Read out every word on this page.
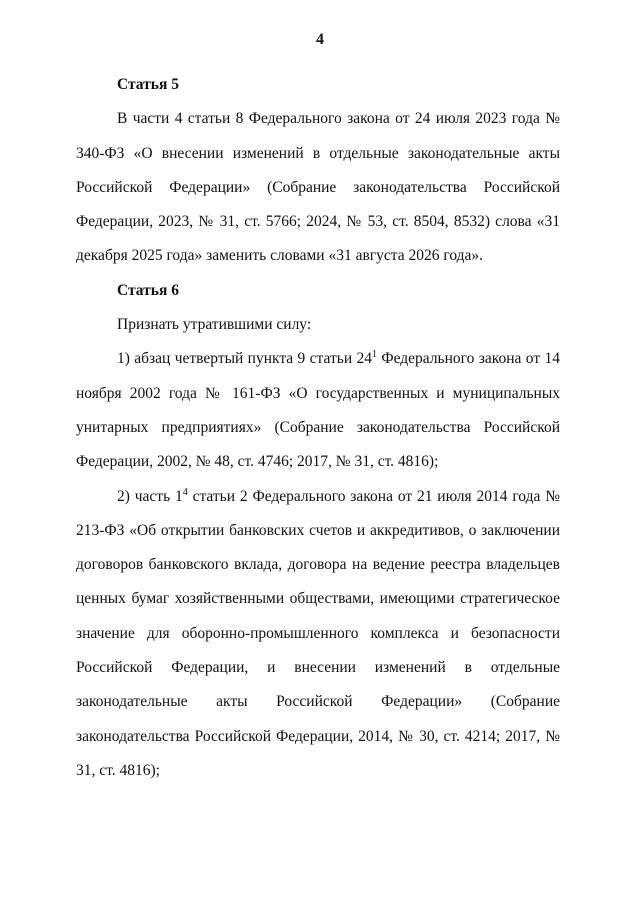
4

Статья 5

В части 4 статьи 8 Федерального закона от 24 июля 2023 года № 340-ФЗ «О внесении изменений в отдельные законодательные акты Российской Федерации» (Собрание законодательства Российской Федерации, 2023, № 31, ст. 5766; 2024, № 53, ст. 8504, 8532) слова «31 декабря 2025 года» заменить словами «31 августа 2026 года».

Статья 6

Признать утратившими силу:

1) абзац четвертый пункта 9 статьи $24^1$ Федерального закона от 14 ноября 2002 года № 161-ФЗ «О государственных и муниципальных унитарных предприятиях» (Собрание законодательства Российской Федерации, 2002, № 48, ст. 4746; 2017, № 31, ст. 4816);

2) часть $1^4$ статьи 2 Федерального закона от 21 июля 2014 года № 213-ФЗ «Об открытии банковских счетов и аккредитивов, о заключении договоров банковского вклада, договора на ведение реестра владельцев ценных бумаг хозяйственными обществами, имеющими стратегическое значение для оборонно-промышленного комплекса и безопасности Российской Федерации, и внесении изменений в отдельные законодательные акты Российской Федерации» (Собрание законодательства Российской Федерации, 2014, № 30, ст. 4214; 2017, № 31, ст. 4816);
